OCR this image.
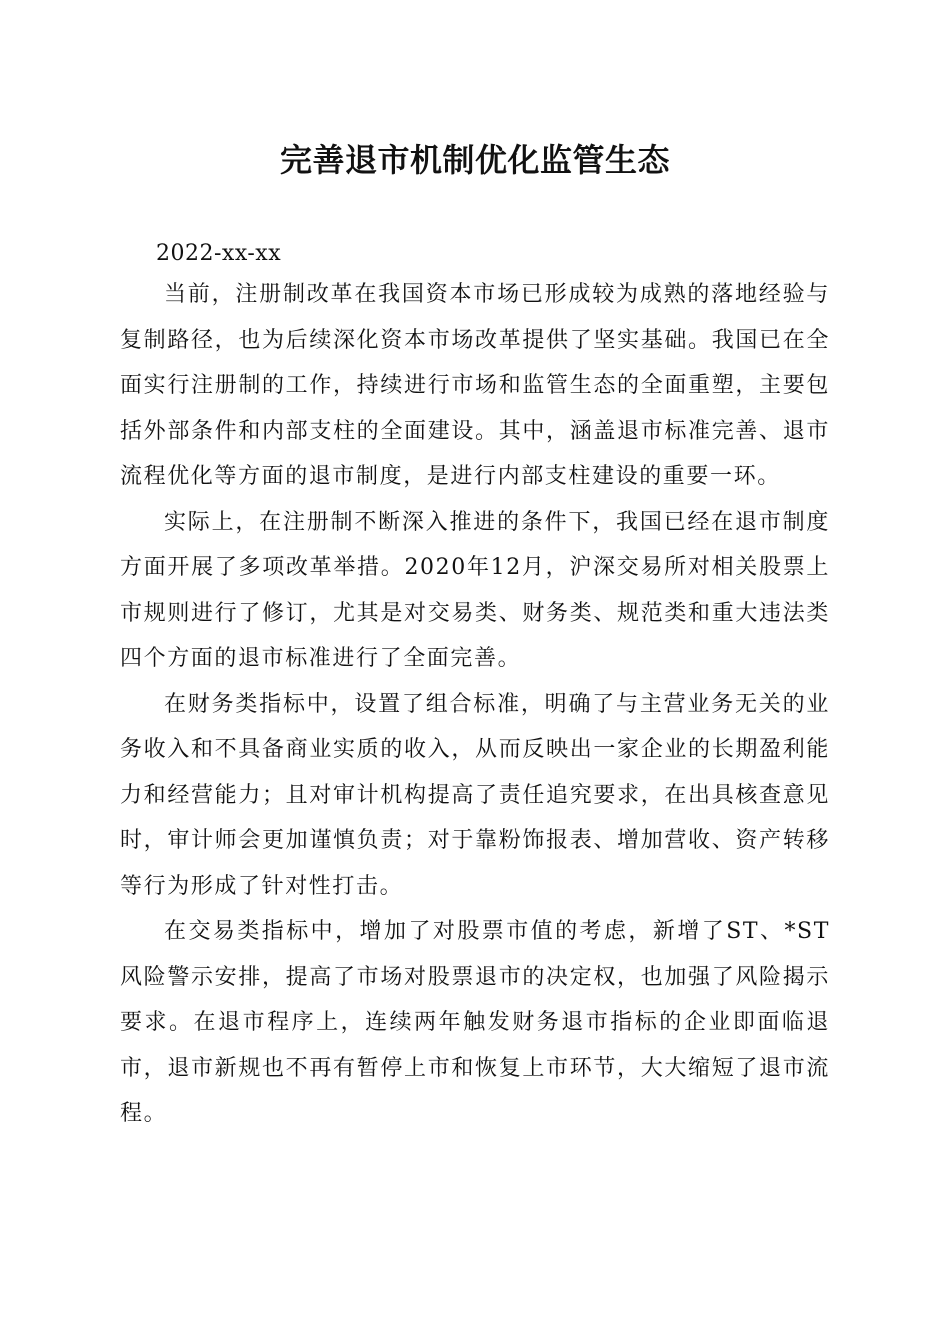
完善退市机制优化监管生态

2022-xx-xx

当前，注册制改革在我国资本市场已形成较为成熟的落地经验与复制路径，也为后续深化资本市场改革提供了坚实基础。我国已在全面实行注册制的工作，持续进行市场和监管生态的全面重塑，主要包括外部条件和内部支柱的全面建设。其中，涵盖退市标准完善、退市流程优化等方面的退市制度，是进行内部支柱建设的重要一环。

实际上，在注册制不断深入推进的条件下，我国已经在退市制度方面开展了多项改革举措。2020年12月，沪深交易所对相关股票上市规则进行了修订，尤其是对交易类、财务类、规范类和重大违法类四个方面的退市标准进行了全面完善。

在财务类指标中，设置了组合标准，明确了与主营业务无关的业务收入和不具备商业实质的收入，从而反映出一家企业的长期盈利能力和经营能力；且对审计机构提高了责任追究要求，在出具核查意见时，审计师会更加谨慎负责；对于靠粉饰报表、增加营收、资产转移等行为形成了针对性打击。

在交易类指标中，增加了对股票市值的考虑，新增了ST、*ST风险警示安排，提高了市场对股票退市的决定权，也加强了风险揭示要求。在退市程序上，连续两年触发财务退市指标的企业即面临退市，退市新规也不再有暂停上市和恢复上市环节，大大缩短了退市流程。
